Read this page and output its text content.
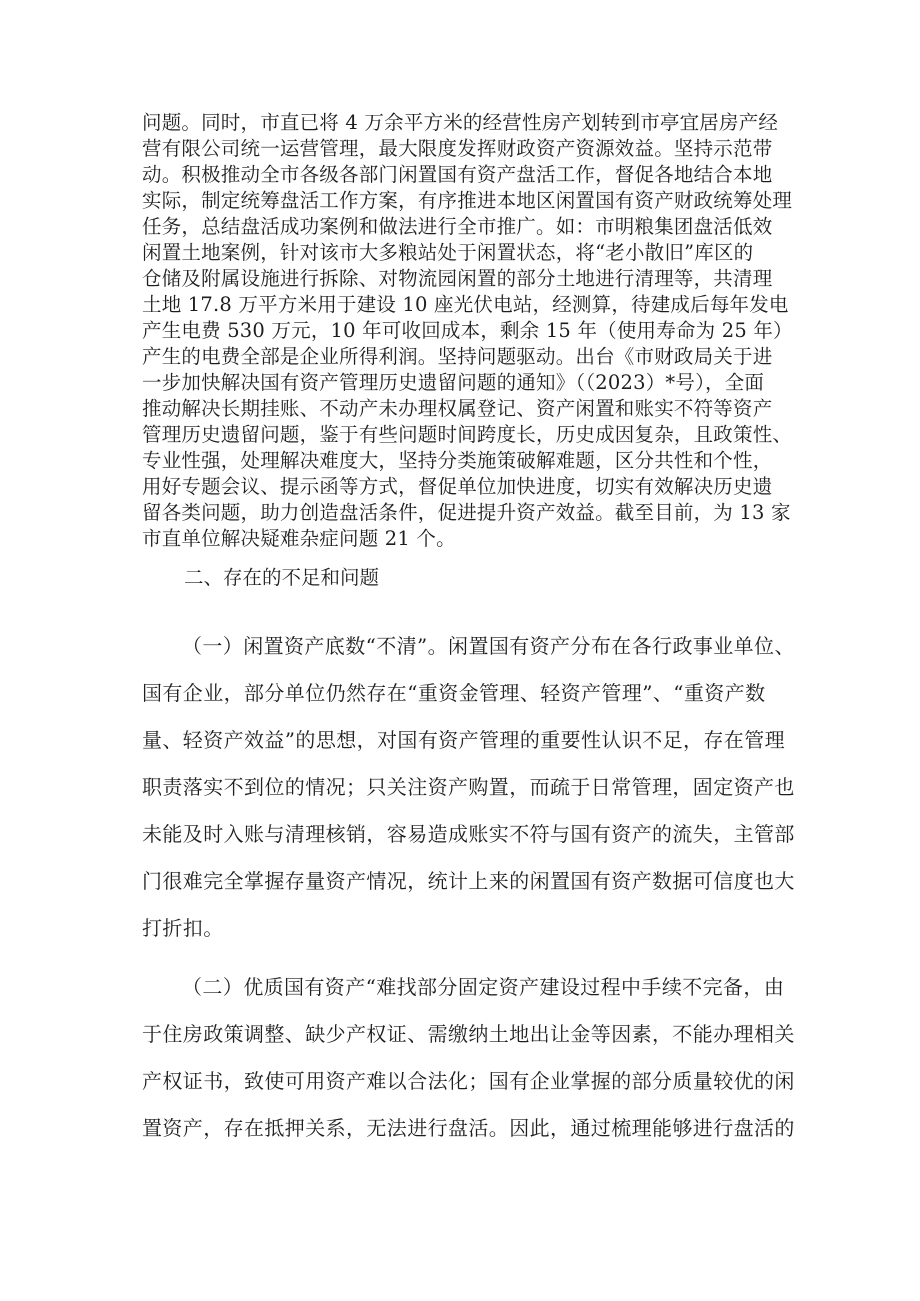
问题。同时，市直已将 4 万余平方米的经营性房产划转到市亭宜居房产经
营有限公司统一运营管理，最大限度发挥财政资产资源效益。坚持示范带
动。积极推动全市各级各部门闲置国有资产盘活工作，督促各地结合本地
实际，制定统筹盘活工作方案，有序推进本地区闲置国有资产财政统筹处理
任务，总结盘活成功案例和做法进行全市推广。如：市明粮集团盘活低效
闲置土地案例，针对该市大多粮站处于闲置状态，将“老小散旧”库区的
仓储及附属设施进行拆除、对物流园闲置的部分土地进行清理等，共清理
土地 17.8 万平方米用于建设 10 座光伏电站，经测算，待建成后每年发电
产生电费 530 万元，10 年可收回成本，剩余 15 年（使用寿命为 25 年）
产生的电费全部是企业所得利润。坚持问题驱动。出台《市财政局关于进
一步加快解决国有资产管理历史遗留问题的通知》（（2023）*号），全面
推动解决长期挂账、不动产未办理权属登记、资产闲置和账实不符等资产
管理历史遗留问题，鉴于有些问题时间跨度长，历史成因复杂，且政策性、
专业性强，处理解决难度大，坚持分类施策破解难题，区分共性和个性，
用好专题会议、提示函等方式，督促单位加快进度，切实有效解决历史遗
留各类问题，助力创造盘活条件，促进提升资产效益。截至目前，为 13 家
市直单位解决疑难杂症问题 21 个。
二、存在的不足和问题
（一）闲置资产底数“不清”。闲置国有资产分布在各行政事业单位、
国有企业，部分单位仍然存在“重资金管理、轻资产管理”、“重资产数
量、轻资产效益”的思想，对国有资产管理的重要性认识不足，存在管理
职责落实不到位的情况；只关注资产购置，而疏于日常管理，固定资产也
未能及时入账与清理核销，容易造成账实不符与国有资产的流失，主管部
门很难完全掌握存量资产情况，统计上来的闲置国有资产数据可信度也大
打折扣。
（二）优质国有资产“难找部分固定资产建设过程中手续不完备，由
于住房政策调整、缺少产权证、需缴纳土地出让金等因素，不能办理相关
产权证书，致使可用资产难以合法化；国有企业掌握的部分质量较优的闲
置资产，存在抵押关系，无法进行盘活。因此，通过梳理能够进行盘活的
